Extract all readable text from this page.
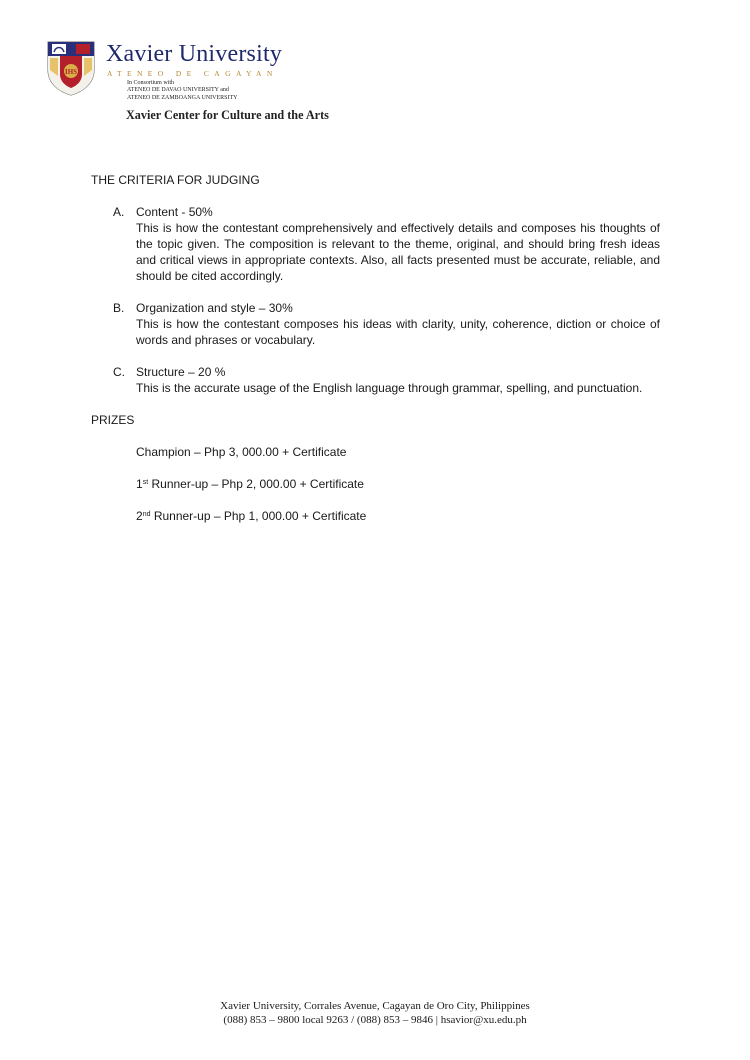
IHS
Xavier University
ATENEO DE CAGAYAN
In Consortium with
ATENEO DE DAVAO UNIVERSITY and
ATENEO DE ZAMBOANGA UNIVERSITY
Xavier Center for Culture and the Arts

THE CRITERIA FOR JUDGING

A. Content - 50%
This is how the contestant comprehensively and effectively details and composes his thoughts of the topic given. The composition is relevant to the theme, original, and should bring fresh ideas and critical views in appropriate contexts. Also, all facts presented must be accurate, reliable, and should be cited accordingly.
B. Organization and style – 30%
This is how the contestant composes his ideas with clarity, unity, coherence, diction or choice of words and phrases or vocabulary.
C. Structure – 20 %
This is the accurate usage of the English language through grammar, spelling, and punctuation.

PRIZES

Champion – Php 3, 000.00 + Certificate
1st Runner-up – Php 2, 000.00 + Certificate
2nd Runner-up – Php 1, 000.00 + Certificate
Xavier University, Corrales Avenue, Cagayan de Oro City, Philippines
(088) 853 – 9800 local 9263 / (088) 853 – 9846 | hsavior@xu.edu.ph
